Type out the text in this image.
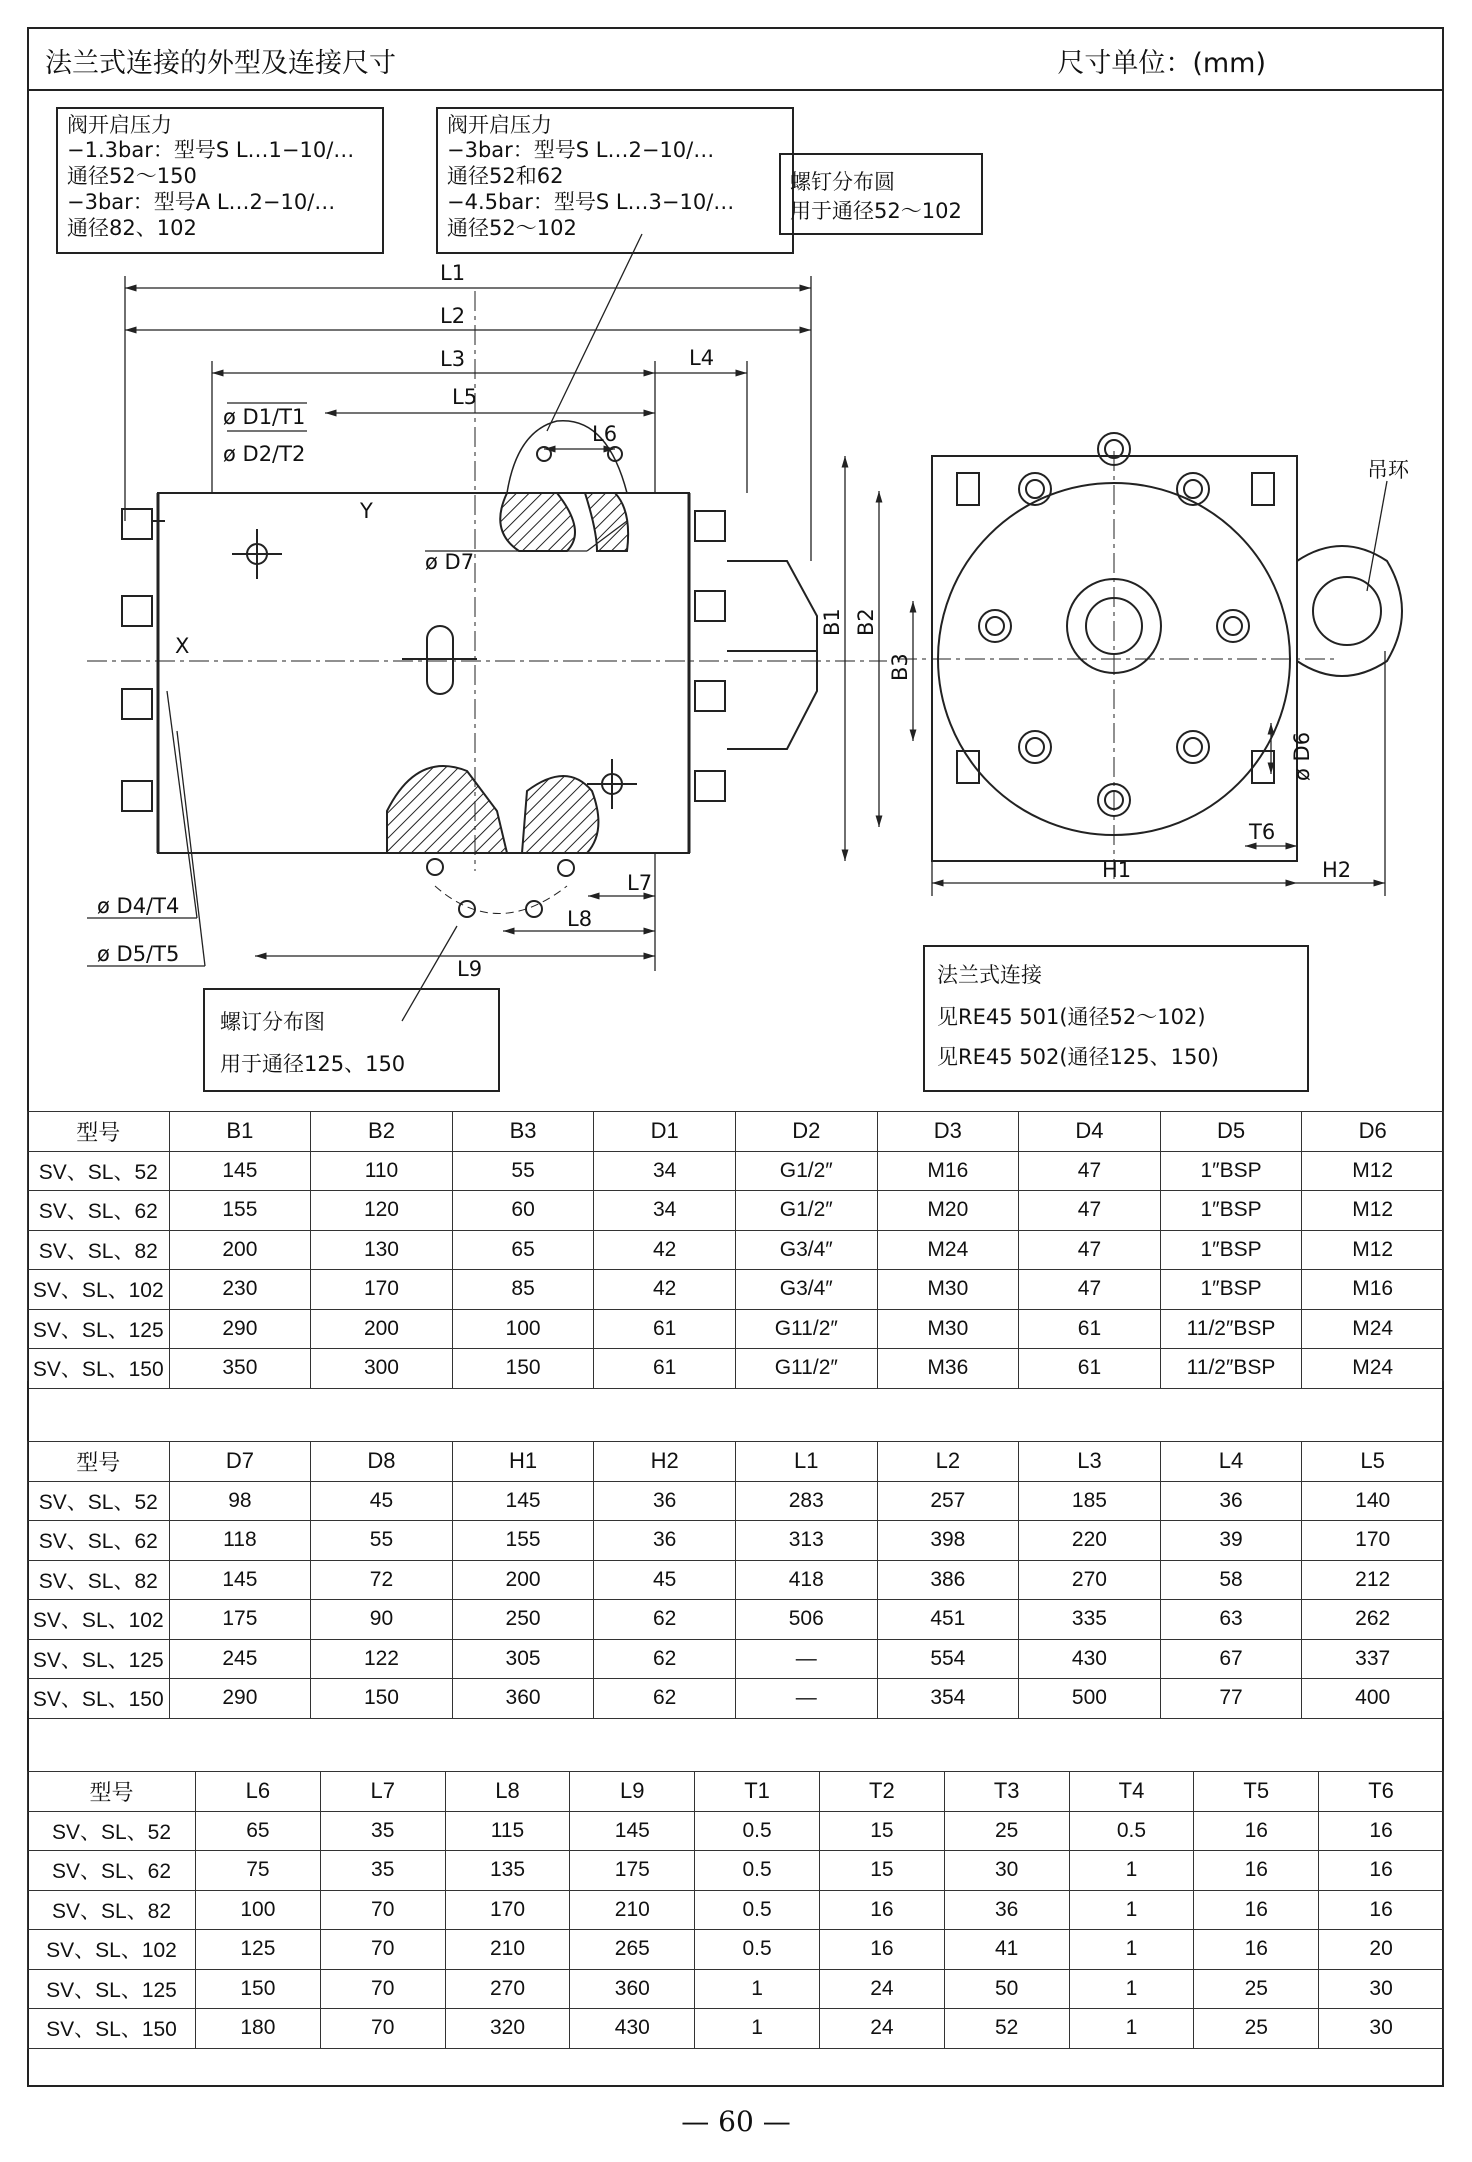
法兰式连接的外型及连接尺寸	尺寸单位：(mm)
阀开启压力
−1.3bar：型号S L…1−10/…
通径52～150
−3bar：型号A L…2−10/…
通径82、102
阀开启压力
−3bar：型号S L…2−10/…
通径52和62
−4.5bar：型号S L…3−10/…
通径52～102
螺钉分布圆
用于通径52～102
螺订分布图
用于通径125、150
法兰式连接
见RE45 501(通径52～102)
见RE45 502(通径125、150)
吊环
L1
L2
L3	L4
L5
L6
ø D1/T1
ø D2/T2
Y
ø D7
X
L7
L8
L9
ø D4/T4
ø D5/T5
H1	H2
T6
B1 B2
B3
ø D6
型号	B1	B2	B3	D1	D2	D3	D4	D5	D6
SV、SL、52	145	110	55	34	G1/2″	M16	47	1″BSP	M12
SV、SL、62	155	120	60	34	G1/2″	M20	47	1″BSP	M12
SV、SL、82	200	130	65	42	G3/4″	M24	47	1″BSP	M12
SV、SL、102	230	170	85	42	G3/4″	M30	47	1″BSP	M16
SV、SL、125	290	200	100	61	G11/2″	M30	61	11/2″BSP	M24
SV、SL、150	350	300	150	61	G11/2″	M36	61	11/2″BSP	M24
型号	D7	D8	H1	H2	L1	L2	L3	L4	L5
SV、SL、52	98	45	145	36	283	257	185	36	140
SV、SL、62	118	55	155	36	313	398	220	39	170
SV、SL、82	145	72	200	45	418	386	270	58	212
SV、SL、102	175	90	250	62	506	451	335	63	262
SV、SL、125	245	122	305	62	—	554	430	67	337
SV、SL、150	290	150	360	62	—	354	500	77	400
型号	L6	L7	L8	L9	T1	T2	T3	T4	T5	T6
SV、SL、52	65	35	115	145	0.5	15	25	0.5	16	16
SV、SL、62	75	35	135	175	0.5	15	30	1	16	16
SV、SL、82	100	70	170	210	0.5	16	36	1	16	16
SV、SL、102	125	70	210	265	0.5	16	41	1	16	20
SV、SL、125	150	70	270	360	1	24	50	1	25	30
SV、SL、150	180	70	320	430	1	24	52	1	25	30
— 60 —
